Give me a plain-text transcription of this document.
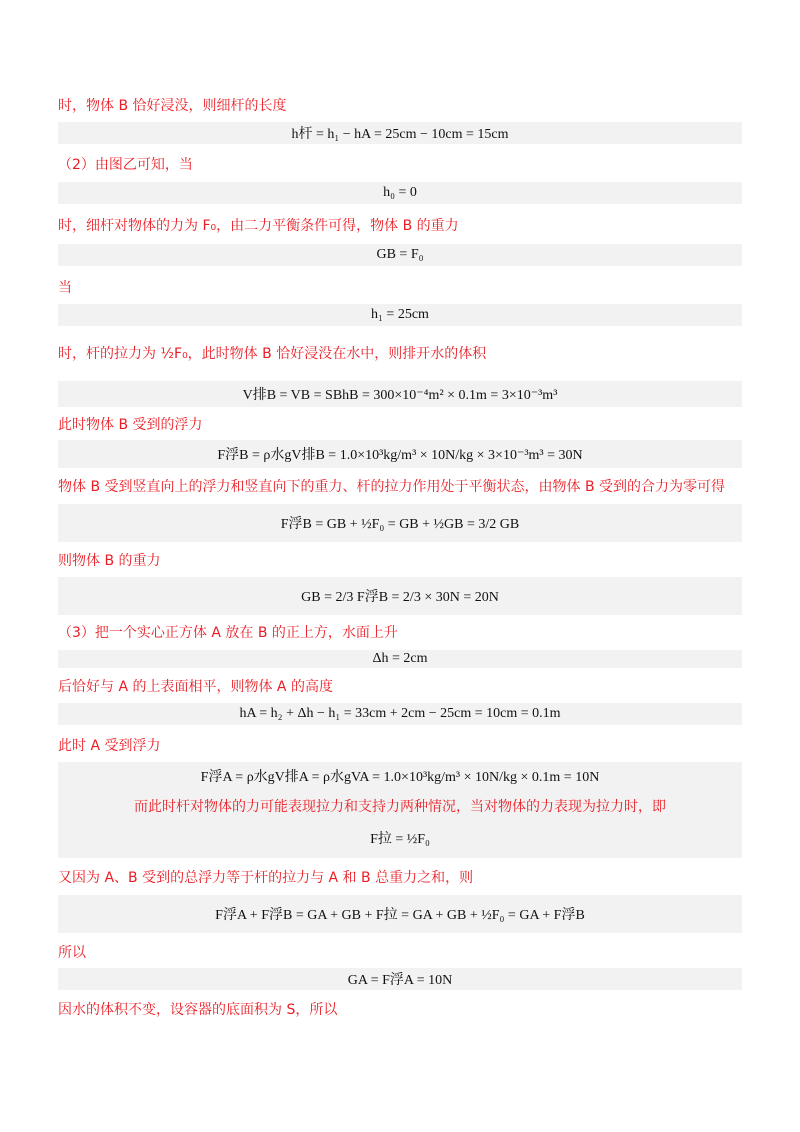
时，物体 B 恰好浸没，则细杆的长度
h杆 = h₁ − hA = 25cm − 10cm = 15cm
（2）由图乙可知，当
h₀ = 0
时，细杆对物体的力为 F₀，由二力平衡条件可得，物体 B 的重力
GB = F₀
当
h₁ = 25cm
时，杆的拉力为 ½F₀，此时物体 B 恰好浸没在水中，则排开水的体积
V排B = VB = SBhB = 300×10⁻⁴m² × 0.1m = 3×10⁻³m³
此时物体 B 受到的浮力
F浮B = ρ水gV排B = 1.0×10³kg/m³ × 10N/kg × 3×10⁻³m³ = 30N
物体 B 受到竖直向上的浮力和竖直向下的重力、杆的拉力作用处于平衡状态，由物体 B 受到的合力为零可得
F浮B = GB + ½F₀ = GB + ½GB = 3/2 GB
则物体 B 的重力
GB = 2/3 F浮B = 2/3 × 30N = 20N
（3）把一个实心正方体 A 放在 B 的正上方，水面上升
Δh = 2cm
后恰好与 A 的上表面相平，则物体 A 的高度
hA = h₂ + Δh − h₁ = 33cm + 2cm − 25cm = 10cm = 0.1m
此时 A 受到浮力
F浮A = ρ水gV排A = ρ水gVA = 1.0×10³kg/m³ × 10N/kg × 0.1m = 10N
而此时杆对物体的力可能表现拉力和支持力两种情况，当对物体的力表现为拉力时，即
F拉 = ½F₀
又因为 A、B 受到的总浮力等于杆的拉力与 A 和 B 总重力之和，则
F浮A + F浮B = GA + GB + F拉 = GA + GB + ½F₀ = GA + F浮B
所以
GA = F浮A = 10N
因水的体积不变，设容器的底面积为 S，所以
